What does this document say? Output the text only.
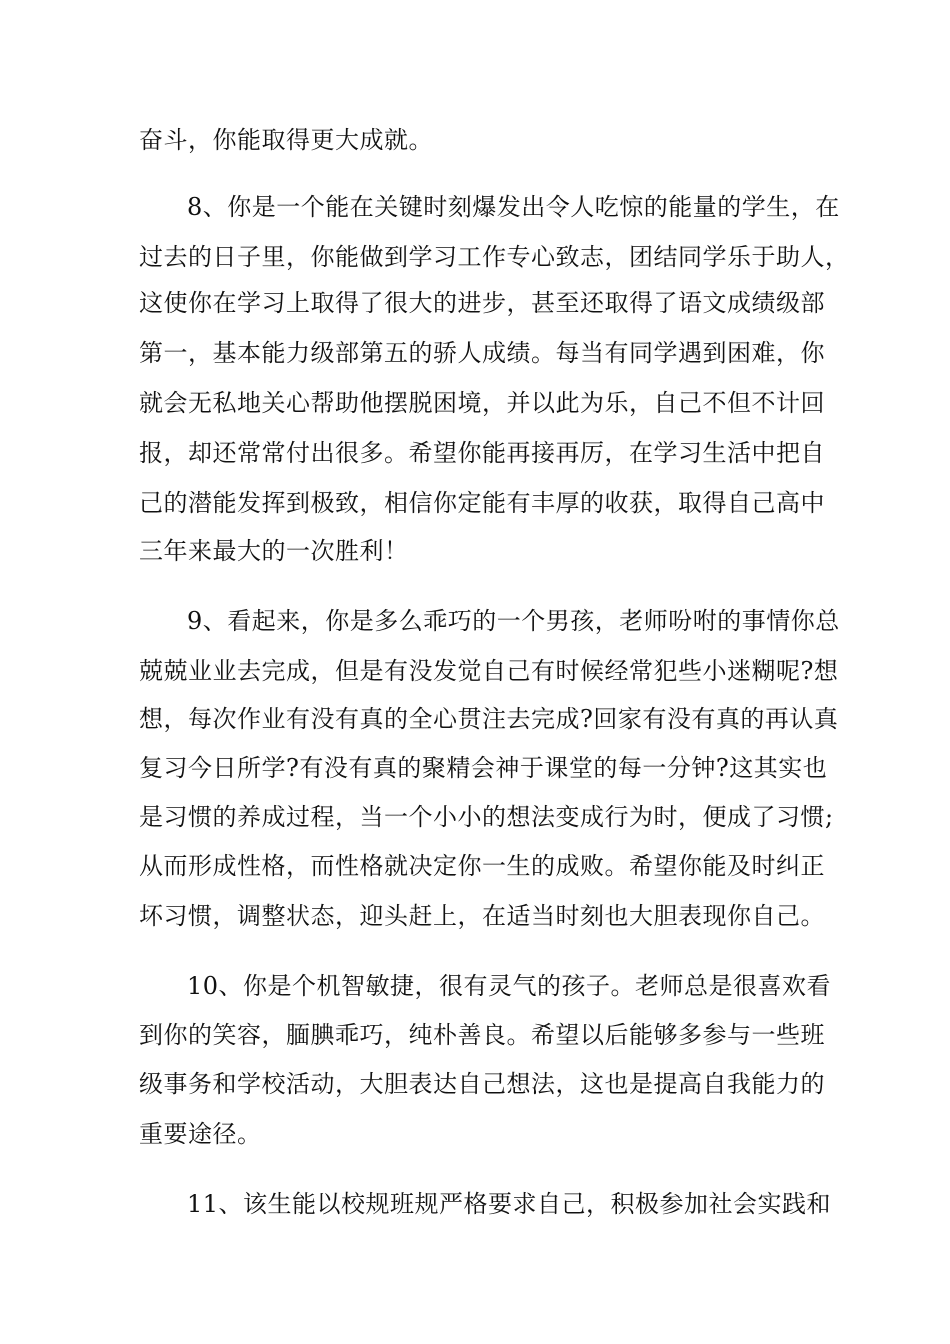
奋斗，你能取得更大成就。
8、你是一个能在关键时刻爆发出令人吃惊的能量的学生，在
过去的日子里，你能做到学习工作专心致志，团结同学乐于助人，
这使你在学习上取得了很大的进步，甚至还取得了语文成绩级部
第一，基本能力级部第五的骄人成绩。每当有同学遇到困难，你
就会无私地关心帮助他摆脱困境，并以此为乐，自己不但不计回
报，却还常常付出很多。希望你能再接再厉，在学习生活中把自
己的潜能发挥到极致，相信你定能有丰厚的收获，取得自己高中
三年来最大的一次胜利！
9、看起来，你是多么乖巧的一个男孩，老师吩咐的事情你总
兢兢业业去完成，但是有没发觉自己有时候经常犯些小迷糊呢?想
想，每次作业有没有真的全心贯注去完成?回家有没有真的再认真
复习今日所学?有没有真的聚精会神于课堂的每一分钟?这其实也
是习惯的养成过程，当一个小小的想法变成行为时，便成了习惯;
从而形成性格，而性格就决定你一生的成败。希望你能及时纠正
坏习惯，调整状态，迎头赶上，在适当时刻也大胆表现你自己。
10、你是个机智敏捷，很有灵气的孩子。老师总是很喜欢看
到你的笑容，腼腆乖巧，纯朴善良。希望以后能够多参与一些班
级事务和学校活动，大胆表达自己想法，这也是提高自我能力的
重要途径。
11、该生能以校规班规严格要求自己，积极参加社会实践和
